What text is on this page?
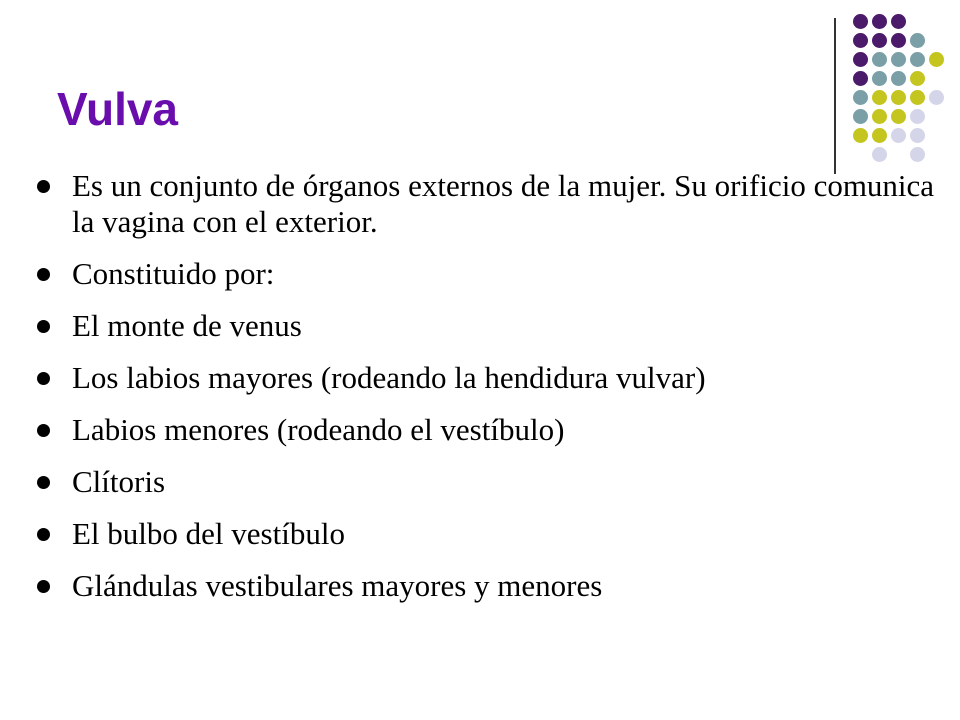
Vulva
Es un conjunto de órganos externos de la mujer. Su orificio comunica la vagina con el exterior.
Constituido por:
El monte de venus
Los labios mayores (rodeando la hendidura vulvar)
Labios menores (rodeando el vestíbulo)
Clítoris
El bulbo del vestíbulo
Glándulas vestibulares mayores y menores
